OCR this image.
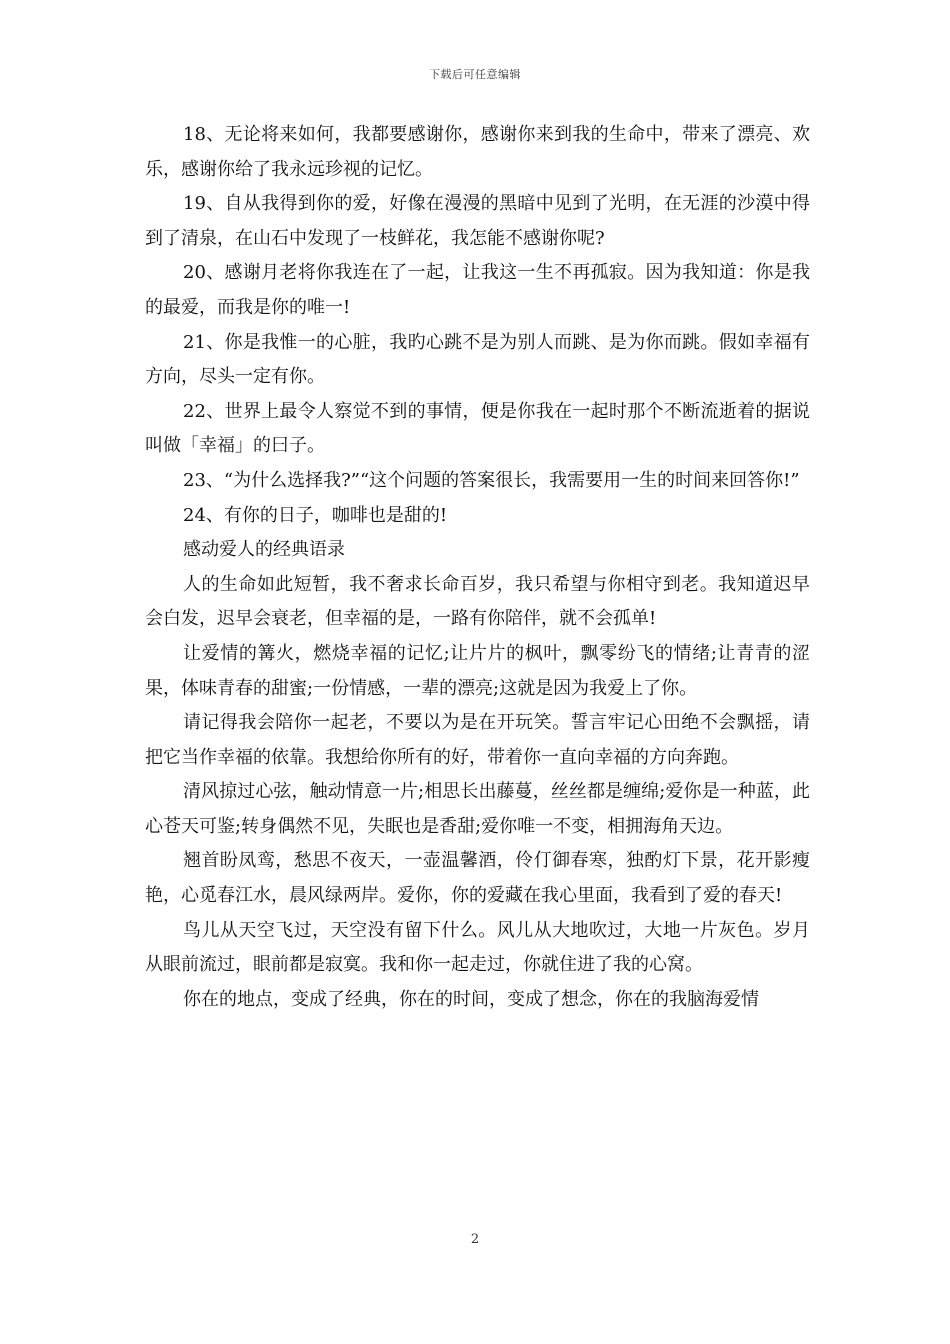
下载后可任意编辑

18、无论将来如何，我都要感谢你，感谢你来到我的生命中，带来了漂亮、欢乐，感谢你给了我永远珍视的记忆。

19、自从我得到你的爱，好像在漫漫的黑暗中见到了光明，在无涯的沙漠中得到了清泉，在山石中发现了一枝鲜花，我怎能不感谢你呢?

20、感谢月老将你我连在了一起，让我这一生不再孤寂。因为我知道：你是我的最爱，而我是你的唯一!

21、你是我惟一的心脏，我旳心跳不是为别人而跳、是为你而跳。假如幸福有方向，尽头一定有你。

22、世界上最令人察觉不到的事情，便是你我在一起时那个不断流逝着的据说叫做「幸福」的曰子。

23、“为什么选择我?”“这个问题的答案很长，我需要用一生的时间来回答你!”

24、有你的日子，咖啡也是甜的!

感动爱人的经典语录

人的生命如此短暂，我不奢求长命百岁，我只希望与你相守到老。我知道迟早会白发，迟早会衰老，但幸福的是，一路有你陪伴，就不会孤单!

让爱情的篝火，燃烧幸福的记忆;让片片的枫叶，飘零纷飞的情绪;让青青的涩果，体味青春的甜蜜;一份情感，一辈的漂亮;这就是因为我爱上了你。

请记得我会陪你一起老，不要以为是在开玩笑。誓言牢记心田绝不会飘摇，请把它当作幸福的依靠。我想给你所有的好，带着你一直向幸福的方向奔跑。

清风掠过心弦，触动情意一片;相思长出藤蔓，丝丝都是缠绵;爱你是一种蓝，此心苍天可鉴;转身偶然不见，失眠也是香甜;爱你唯一不变，相拥海角天边。

翘首盼凤鸾，愁思不夜天，一壶温馨酒，伶仃御春寒，独酌灯下景，花开影瘦艳，心觅春江水，晨风绿两岸。爱你，你的爱藏在我心里面，我看到了爱的春天!

鸟儿从天空飞过，天空没有留下什么。风儿从大地吹过，大地一片灰色。岁月从眼前流过，眼前都是寂寞。我和你一起走过，你就住进了我的心窝。

你在的地点，变成了经典，你在的时间，变成了想念，你在的我脑海爱情

2
